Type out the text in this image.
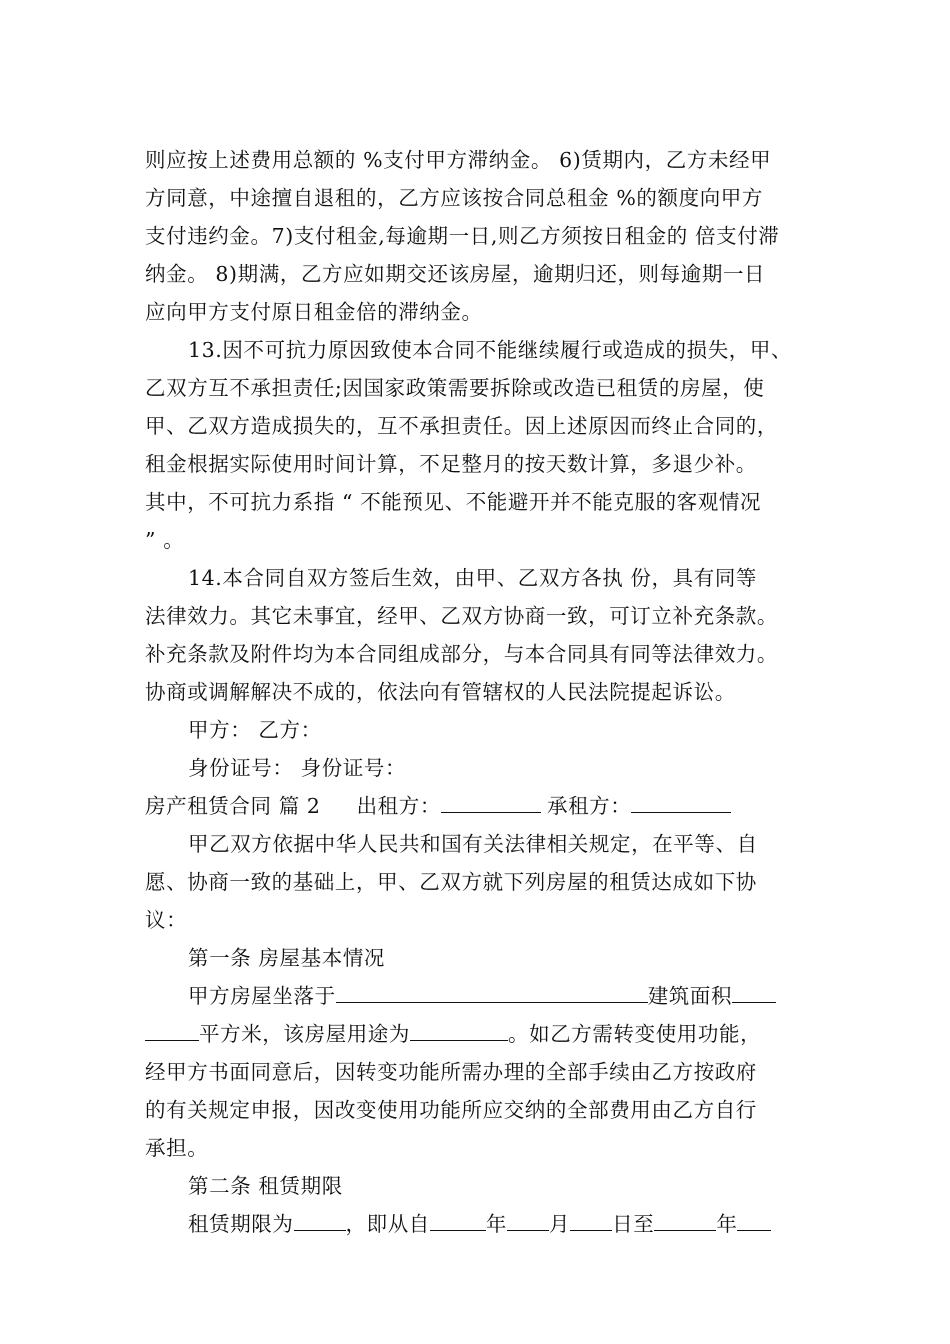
则应按上述费用总额的 %支付甲方滞纳金。 6)赁期内，乙方未经甲
方同意，中途擅自退租的，乙方应该按合同总租金 %的额度向甲方
支付违约金。7)支付租金,每逾期一日,则乙方须按日租金的 倍支付滞
纳金。 8)期满，乙方应如期交还该房屋，逾期归还，则每逾期一日
应向甲方支付原日租金倍的滞纳金。
13.因不可抗力原因致使本合同不能继续履行或造成的损失，甲、
乙双方互不承担责任;因国家政策需要拆除或改造已租赁的房屋，使
甲、乙双方造成损失的，互不承担责任。因上述原因而终止合同的，
租金根据实际使用时间计算，不足整月的按天数计算，多退少补。
其中，不可抗力系指 “ 不能预见、不能避开并不能克服的客观情况
” 。
14.本合同自双方签后生效，由甲、乙双方各执 份，具有同等
法律效力。其它未事宜，经甲、乙双方协商一致，可订立补充条款。
补充条款及附件均为本合同组成部分，与本合同具有同等法律效力。
协商或调解解决不成的，依法向有管辖权的人民法院提起诉讼。
甲方： 乙方：
身份证号： 身份证号：
房产租赁合同 篇 2 出租方：	承租方：
甲乙双方依据中华人民共和国有关法律相关规定，在平等、自
愿、协商一致的基础上，甲、乙双方就下列房屋的租赁达成如下协
议：
第一条 房屋基本情况
甲方房屋坐落于	建筑面积
平方米，该房屋用途为	。如乙方需转变使用功能，
经甲方书面同意后，因转变功能所需办理的全部手续由乙方按政府
的有关规定申报，因改变使用功能所应交纳的全部费用由乙方自行
承担。
第二条 租赁期限
租赁期限为	，即从自	年 月 日至	年
